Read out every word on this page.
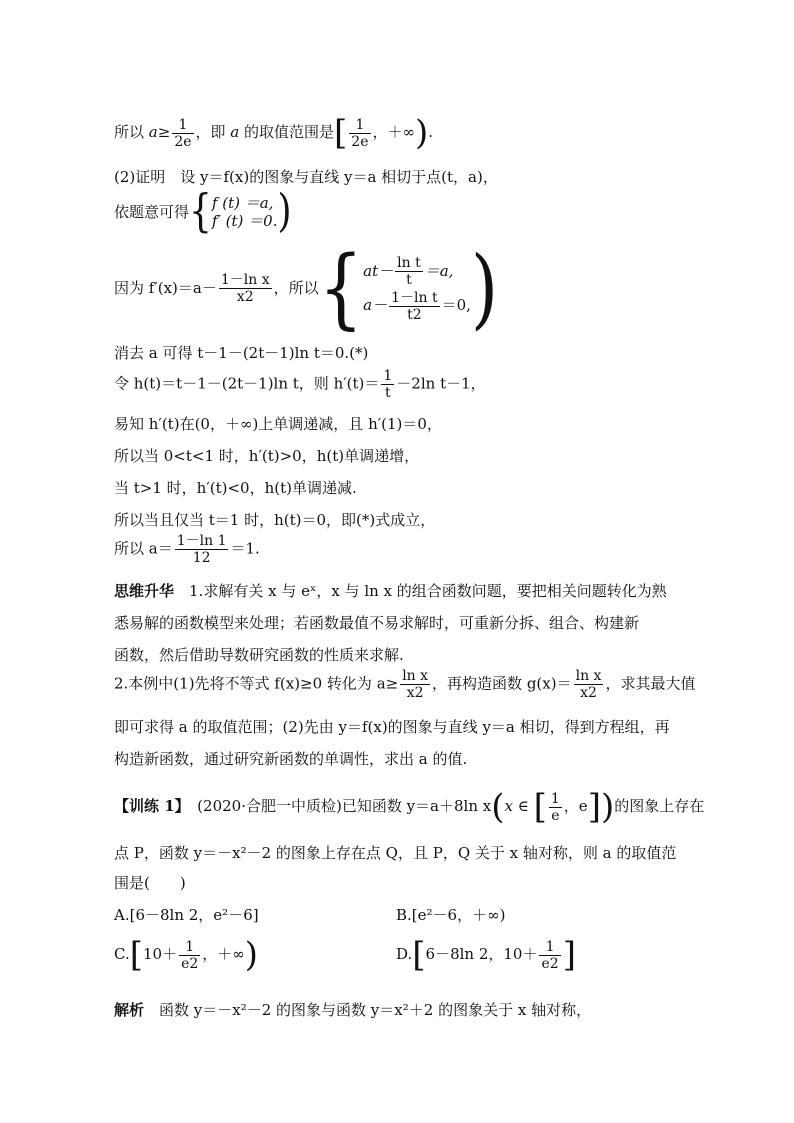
所以 $a\ge \frac{1}{2e}$ ，即 a 的取值范围是[ $\frac{1}{2e}$ ，＋∞).
(2)证明　设 y＝f(x)的图象与直线 y＝a 相切于点(t，a)，
依题意可得{ f (t) ＝a,
f′ (t) ＝0. )
因为 $f'(x)=a- \frac{\text{1－ln x}}{x2}$ ，所以{ $at- \frac{\text{ln t}}{t} =a$,
$a- \frac{\text{1－ln t}}{t2} =0$, )
消去 a 可得 t－1－(2t－1)ln t＝0.(*)
令 h(t)＝t－1－(2t－1)ln t，则 $h'(t)= \frac{1}{t} -2\ln$ t－1，
易知 h′(t)在(0，＋∞)上单调递减，且 h′(1)＝0，
所以当 0<t<1 时，h′(t)>0，h(t)单调递增，
当 t>1 时，h′(t)<0，h(t)单调递减.
所以当且仅当 t＝1 时，h(t)＝0，即(*)式成立，
所以 $a= \frac{1-\ln 1}{12} =1$.
思维升华　1.求解有关 x 与 eˣ，x 与 ln x 的组合函数问题，要把相关问题转化为熟
悉易解的函数模型来处理；若函数最值不易求解时，可重新分拆、组合、构建新
函数，然后借助导数研究函数的性质来求解.
2.本例中(1)先将不等式 f(x)≥0 转化为 $a\ge \frac{\text{ln x}}{x2}$ ，再构造函数 $g(x)= \frac{\text{ln x}}{x2}$ ，求其最大值
即可求得 a 的取值范围；(2)先由 y＝f(x)的图象与直线 y＝a 相切，得到方程组，再
构造新函数，通过研究新函数的单调性，求出 a 的值.
【训练 1】　(2020·合肥一中质检)已知函数 y＝a＋8ln x(x ∈ [ $\frac{1}{e}$ ，e])的图象上存在
点 P，函数 y＝－x²－2 的图象上存在点 Q，且 P，Q 关于 x 轴对称，则 a 的取值范
围是(　　)
A.[6－8ln 2，e²－6]	B.[e²－6，＋∞)
$C.[10+ \frac{1}{e2}$ ，＋∞)	D.[6－8ln 2，$10+ \frac{1}{e2}$ ]
解析　函数 y＝－x²－2 的图象与函数 y＝x²＋2 的图象关于 x 轴对称，
